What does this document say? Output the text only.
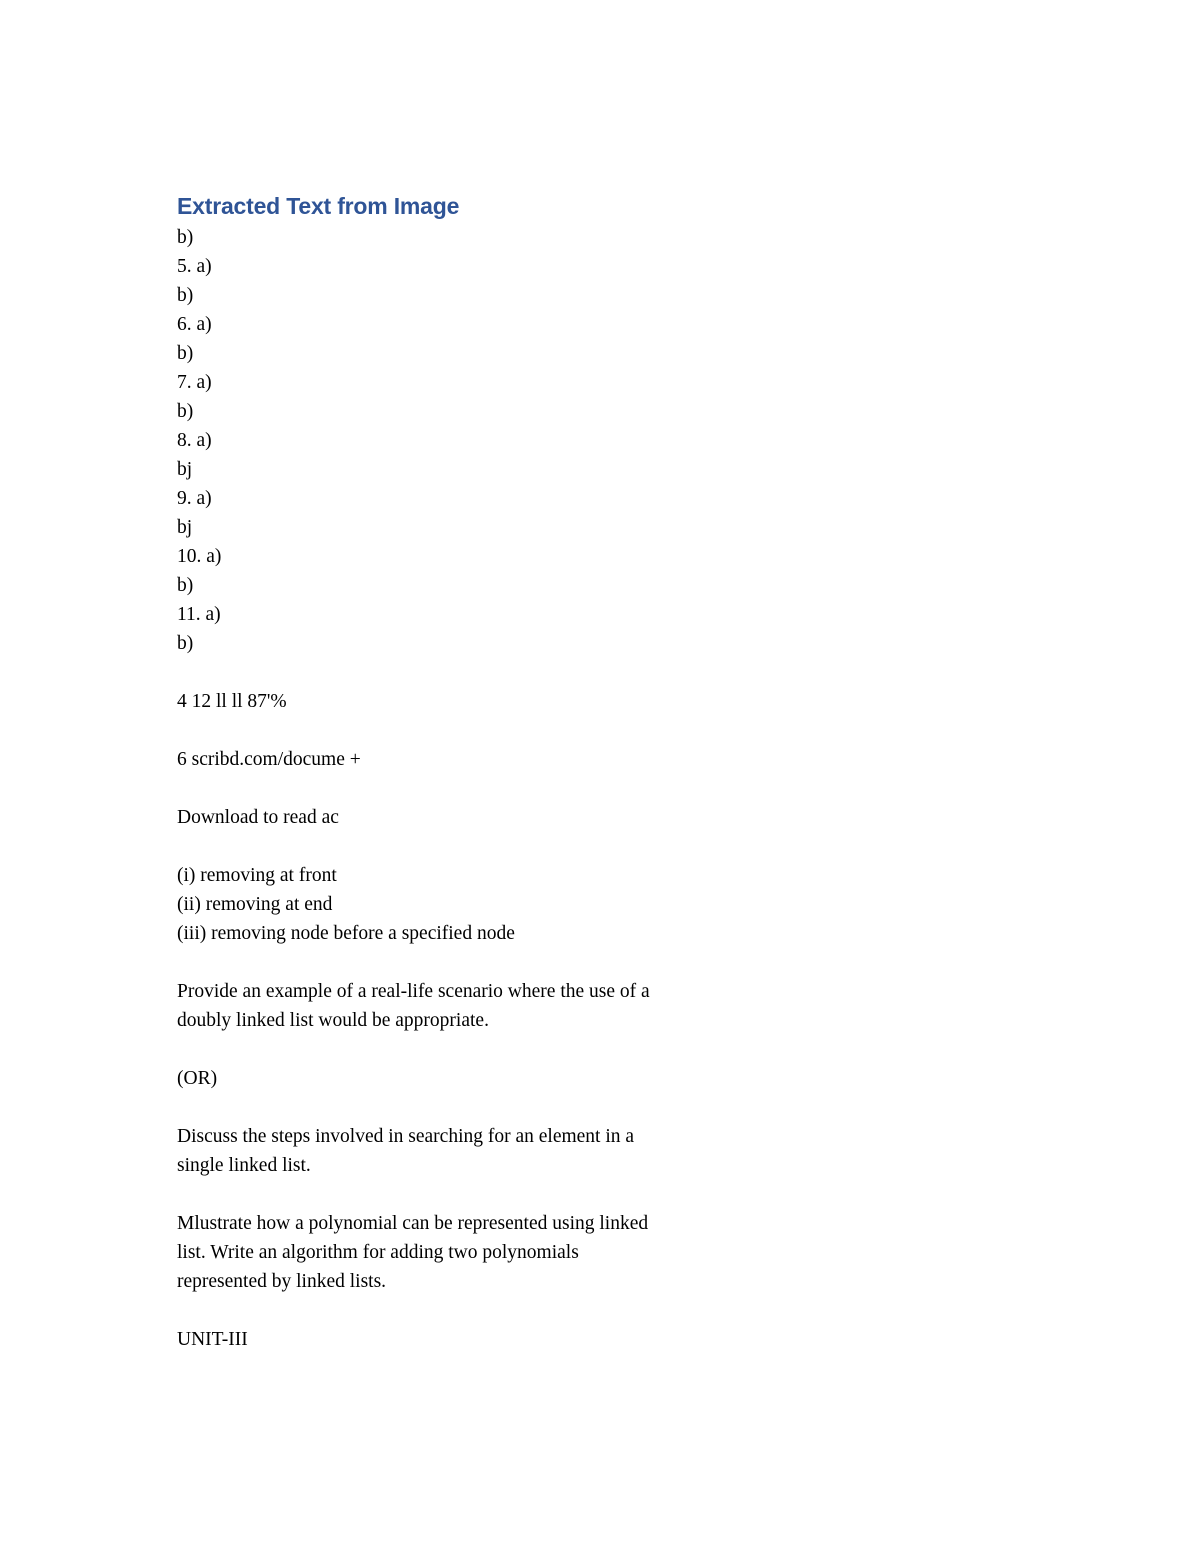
Extracted Text from Image
b)
5. a)
b)
6. a)
b)
7. a)
b)
8. a)
bj
9. a)
bj
10. a)
b)
11. a)
b)
4 12 ll ll 87'%
6 scribd.com/docume +
Download to read ac
(i) removing at front
(ii) removing at end
(iii) removing node before a specified node
Provide an example of a real-life scenario where the use of a
doubly linked list would be appropriate.
(OR)
Discuss the steps involved in searching for an element in a
single linked list.
Mlustrate how a polynomial can be represented using linked
list. Write an algorithm for adding two polynomials
represented by linked lists.
UNIT-III
